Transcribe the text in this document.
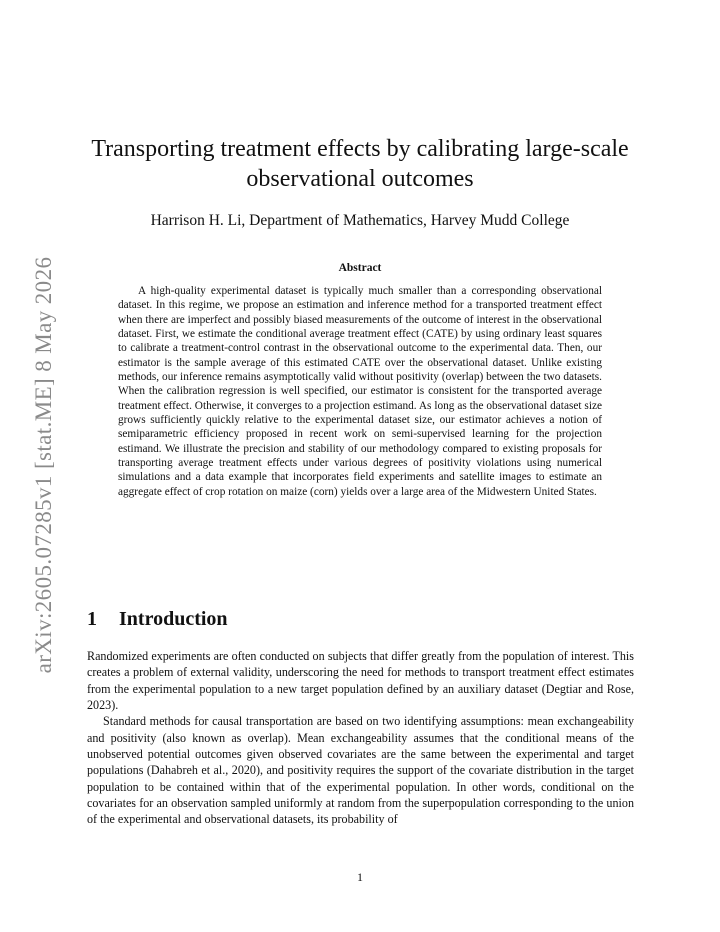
arXiv:2605.07285v1 [stat.ME] 8 May 2026
Transporting treatment effects by calibrating large-scale observational outcomes
Harrison H. Li, Department of Mathematics, Harvey Mudd College
Abstract

A high-quality experimental dataset is typically much smaller than a corresponding observational dataset. In this regime, we propose an estimation and inference method for a transported treatment effect when there are imperfect and possibly biased measurements of the outcome of interest in the observational dataset. First, we estimate the conditional average treatment effect (CATE) by using ordinary least squares to calibrate a treatment-control contrast in the observational outcome to the experimental data. Then, our estimator is the sample average of this estimated CATE over the observational dataset. Unlike existing methods, our inference remains asymptotically valid without positivity (overlap) between the two datasets. When the calibration regression is well specified, our estimator is consistent for the transported average treatment effect. Otherwise, it converges to a projection estimand. As long as the observational dataset size grows sufficiently quickly relative to the experimental dataset size, our estimator achieves a notion of semiparametric efficiency proposed in recent work on semi-supervised learning for the projection estimand. We illustrate the precision and stability of our methodology compared to existing proposals for transporting average treatment effects under various degrees of positivity violations using numerical simulations and a data example that incorporates field experiments and satellite images to estimate an aggregate effect of crop rotation on maize (corn) yields over a large area of the Midwestern United States.

1 Introduction

Randomized experiments are often conducted on subjects that differ greatly from the population of interest. This creates a problem of external validity, underscoring the need for methods to transport treatment effect estimates from the experimental population to a new target population defined by an auxiliary dataset (Degtiar and Rose, 2023).

Standard methods for causal transportation are based on two identifying assumptions: mean exchangeability and positivity (also known as overlap). Mean exchangeability assumes that the conditional means of the unobserved potential outcomes given observed covariates are the same between the experimental and target populations (Dahabreh et al., 2020), and positivity requires the support of the covariate distribution in the target population to be contained within that of the experimental population. In other words, conditional on the covariates for an observation sampled uniformly at random from the superpopulation corresponding to the union of the experimental and observational datasets, its probability of

1
